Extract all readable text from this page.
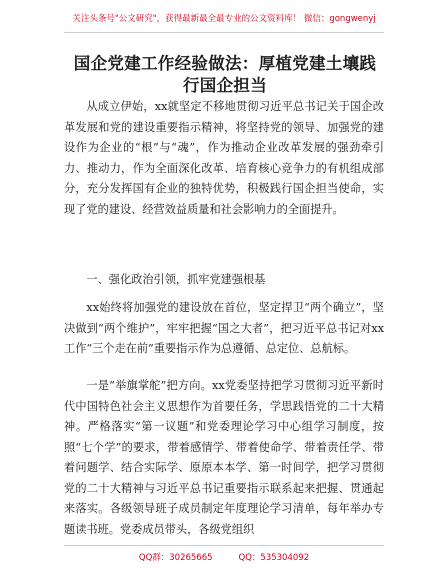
关注头条号"公文研究"，获得最新最全最专业的公文资料库！ 微信：gongwenyj
国企党建工作经验做法：厚植党建土壤践行国企担当

从成立伊始，xx就坚定不移地贯彻习近平总书记关于国企改革发展和党的建设重要指示精神，将坚持党的领导、加强党的建设作为企业的“根”与“魂”，作为推动企业改革发展的强劲牵引力、推动力，作为全面深化改革、培育核心竞争力的有机组成部分，充分发挥国有企业的独特优势，积极践行国企担当使命，实现了党的建设、经营效益质量和社会影响力的全面提升。

一、强化政治引领，抓牢党建强根基

xx始终将加强党的建设放在首位，坚定捍卫“两个确立”，坚决做到“两个维护”，牢牢把握“国之大者”，把习近平总书记对xx工作“三个走在前”重要指示作为总遵循、总定位、总航标。

一是“举旗掌舵”把方向。xx党委坚持把学习贯彻习近平新时代中国特色社会主义思想作为首要任务，学思践悟党的二十大精神。严格落实“第一议题”和党委理论学习中心组学习制度，按照“七个学”的要求，带着感情学、带着使命学、带着责任学、带着问题学、结合实际学、原原本本学、第一时间学，把学习贯彻党的二十大精神与习近平总书记重要指示联系起来把握、贯通起来落实。各级领导班子成员制定年度理论学习清单，每年举办专题读书班。党委成员带头，各级党组织

QQ群：30265665	QQ：535304092
